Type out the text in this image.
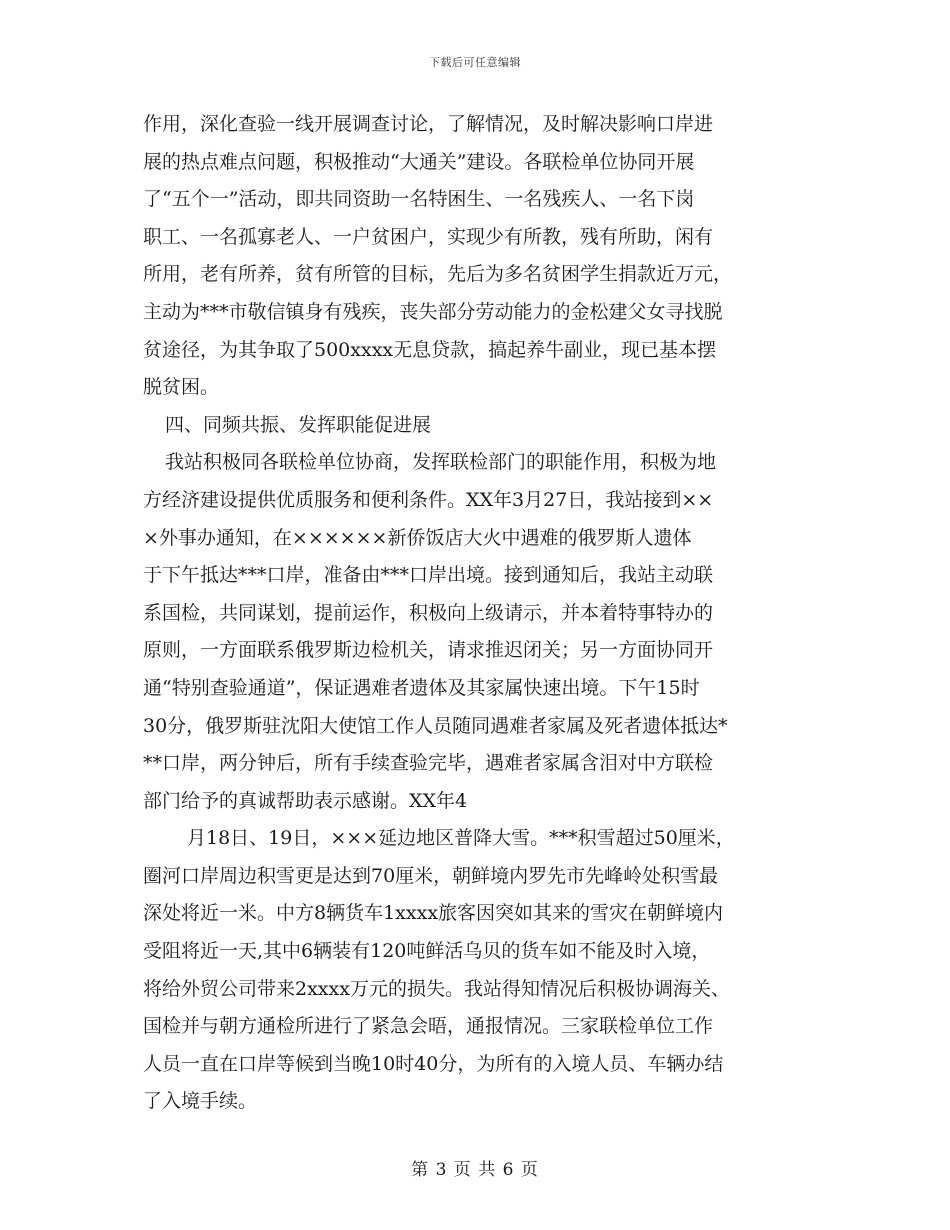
下载后可任意编辑
作用，深化查验一线开展调查讨论，了解情况，及时解决影响口岸进
展的热点难点问题，积极推动“大通关”建设。各联检单位协同开展
了“五个一”活动，即共同资助一名特困生、一名残疾人、一名下岗
职工、一名孤寡老人、一户贫困户，实现少有所教，残有所助，闲有
所用，老有所养，贫有所管的目标，先后为多名贫困学生捐款近万元，
主动为***市敬信镇身有残疾，丧失部分劳动能力的金松建父女寻找脱
贫途径，为其争取了500xxxx无息贷款，搞起养牛副业，现已基本摆
脱贫困。
四、同频共振、发挥职能促进展
我站积极同各联检单位协商，发挥联检部门的职能作用，积极为地
方经济建设提供优质服务和便利条件。XX年3月27日，我站接到××
×外事办通知，在××××××新侨饭店大火中遇难的俄罗斯人遗体
于下午抵达***口岸，准备由***口岸出境。接到通知后，我站主动联
系国检，共同谋划，提前运作，积极向上级请示，并本着特事特办的
原则，一方面联系俄罗斯边检机关，请求推迟闭关；另一方面协同开
通“特别查验通道”，保证遇难者遗体及其家属快速出境。下午15时
30分，俄罗斯驻沈阳大使馆工作人员随同遇难者家属及死者遗体抵达*
**口岸，两分钟后，所有手续查验完毕，遇难者家属含泪对中方联检
部门给予的真诚帮助表示感谢。XX年4
月18日、19日，×××延边地区普降大雪。***积雪超过50厘米，
圈河口岸周边积雪更是达到70厘米，朝鲜境内罗先市先峰岭处积雪最
深处将近一米。中方8辆货车1xxxx旅客因突如其来的雪灾在朝鲜境内
受阻将近一天,其中6辆装有120吨鲜活乌贝的货车如不能及时入境，
将给外贸公司带来2xxxx万元的损失。我站得知情况后积极协调海关、
国检并与朝方通检所进行了紧急会晤，通报情况。三家联检单位工作
人员一直在口岸等候到当晚10时40分，为所有的入境人员、车辆办结
了入境手续。
第 3 页 共 6 页
